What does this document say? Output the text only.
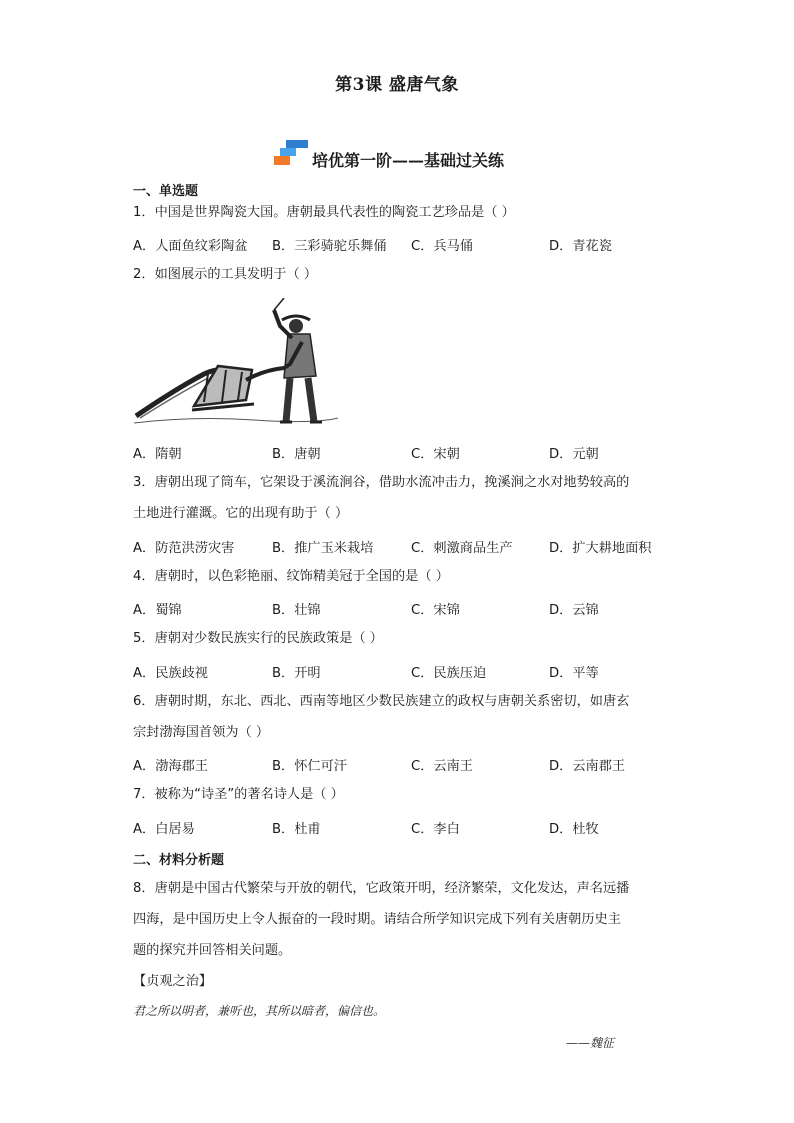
第3课 盛唐气象
培优第一阶——基础过关练
一、单选题
1．中国是世界陶瓷大国。唐朝最具代表性的陶瓷工艺珍品是（ ）
A．人面鱼纹彩陶盆 B．三彩骑驼乐舞俑 C．兵马俑	D．青花瓷
2．如图展示的工具发明于（ ）
A．隋朝	B．唐朝	C．宋朝	D．元朝
3．唐朝出现了筒车，它架设于溪流涧谷，借助水流冲击力，挽溪涧之水对地势较高的
土地进行灌溉。它的出现有助于（ ）
A．防范洪涝灾害	B．推广玉米栽培	C．刺激商品生产	D．扩大耕地面积
4．唐朝时，以色彩艳丽、纹饰精美冠于全国的是（ ）
A．蜀锦	B．壮锦	C．宋锦	D．云锦
5．唐朝对少数民族实行的民族政策是（ ）
A．民族歧视	B．开明	C．民族压迫	D．平等
6．唐朝时期，东北、西北、西南等地区少数民族建立的政权与唐朝关系密切，如唐玄
宗封渤海国首领为（ ）
A．渤海郡王	B．怀仁可汗	C．云南王	D．云南郡王
7．被称为“诗圣”的著名诗人是（ ）
A．白居易	B．杜甫	C．李白	D．杜牧
二、材料分析题
8．唐朝是中国古代繁荣与开放的朝代，它政策开明，经济繁荣，文化发达，声名远播
四海，是中国历史上令人振奋的一段时期。请结合所学知识完成下列有关唐朝历史主
题的探究并回答相关问题。
【贞观之治】
君之所以明者，兼听也，其所以暗者，偏信也。
——魏征
